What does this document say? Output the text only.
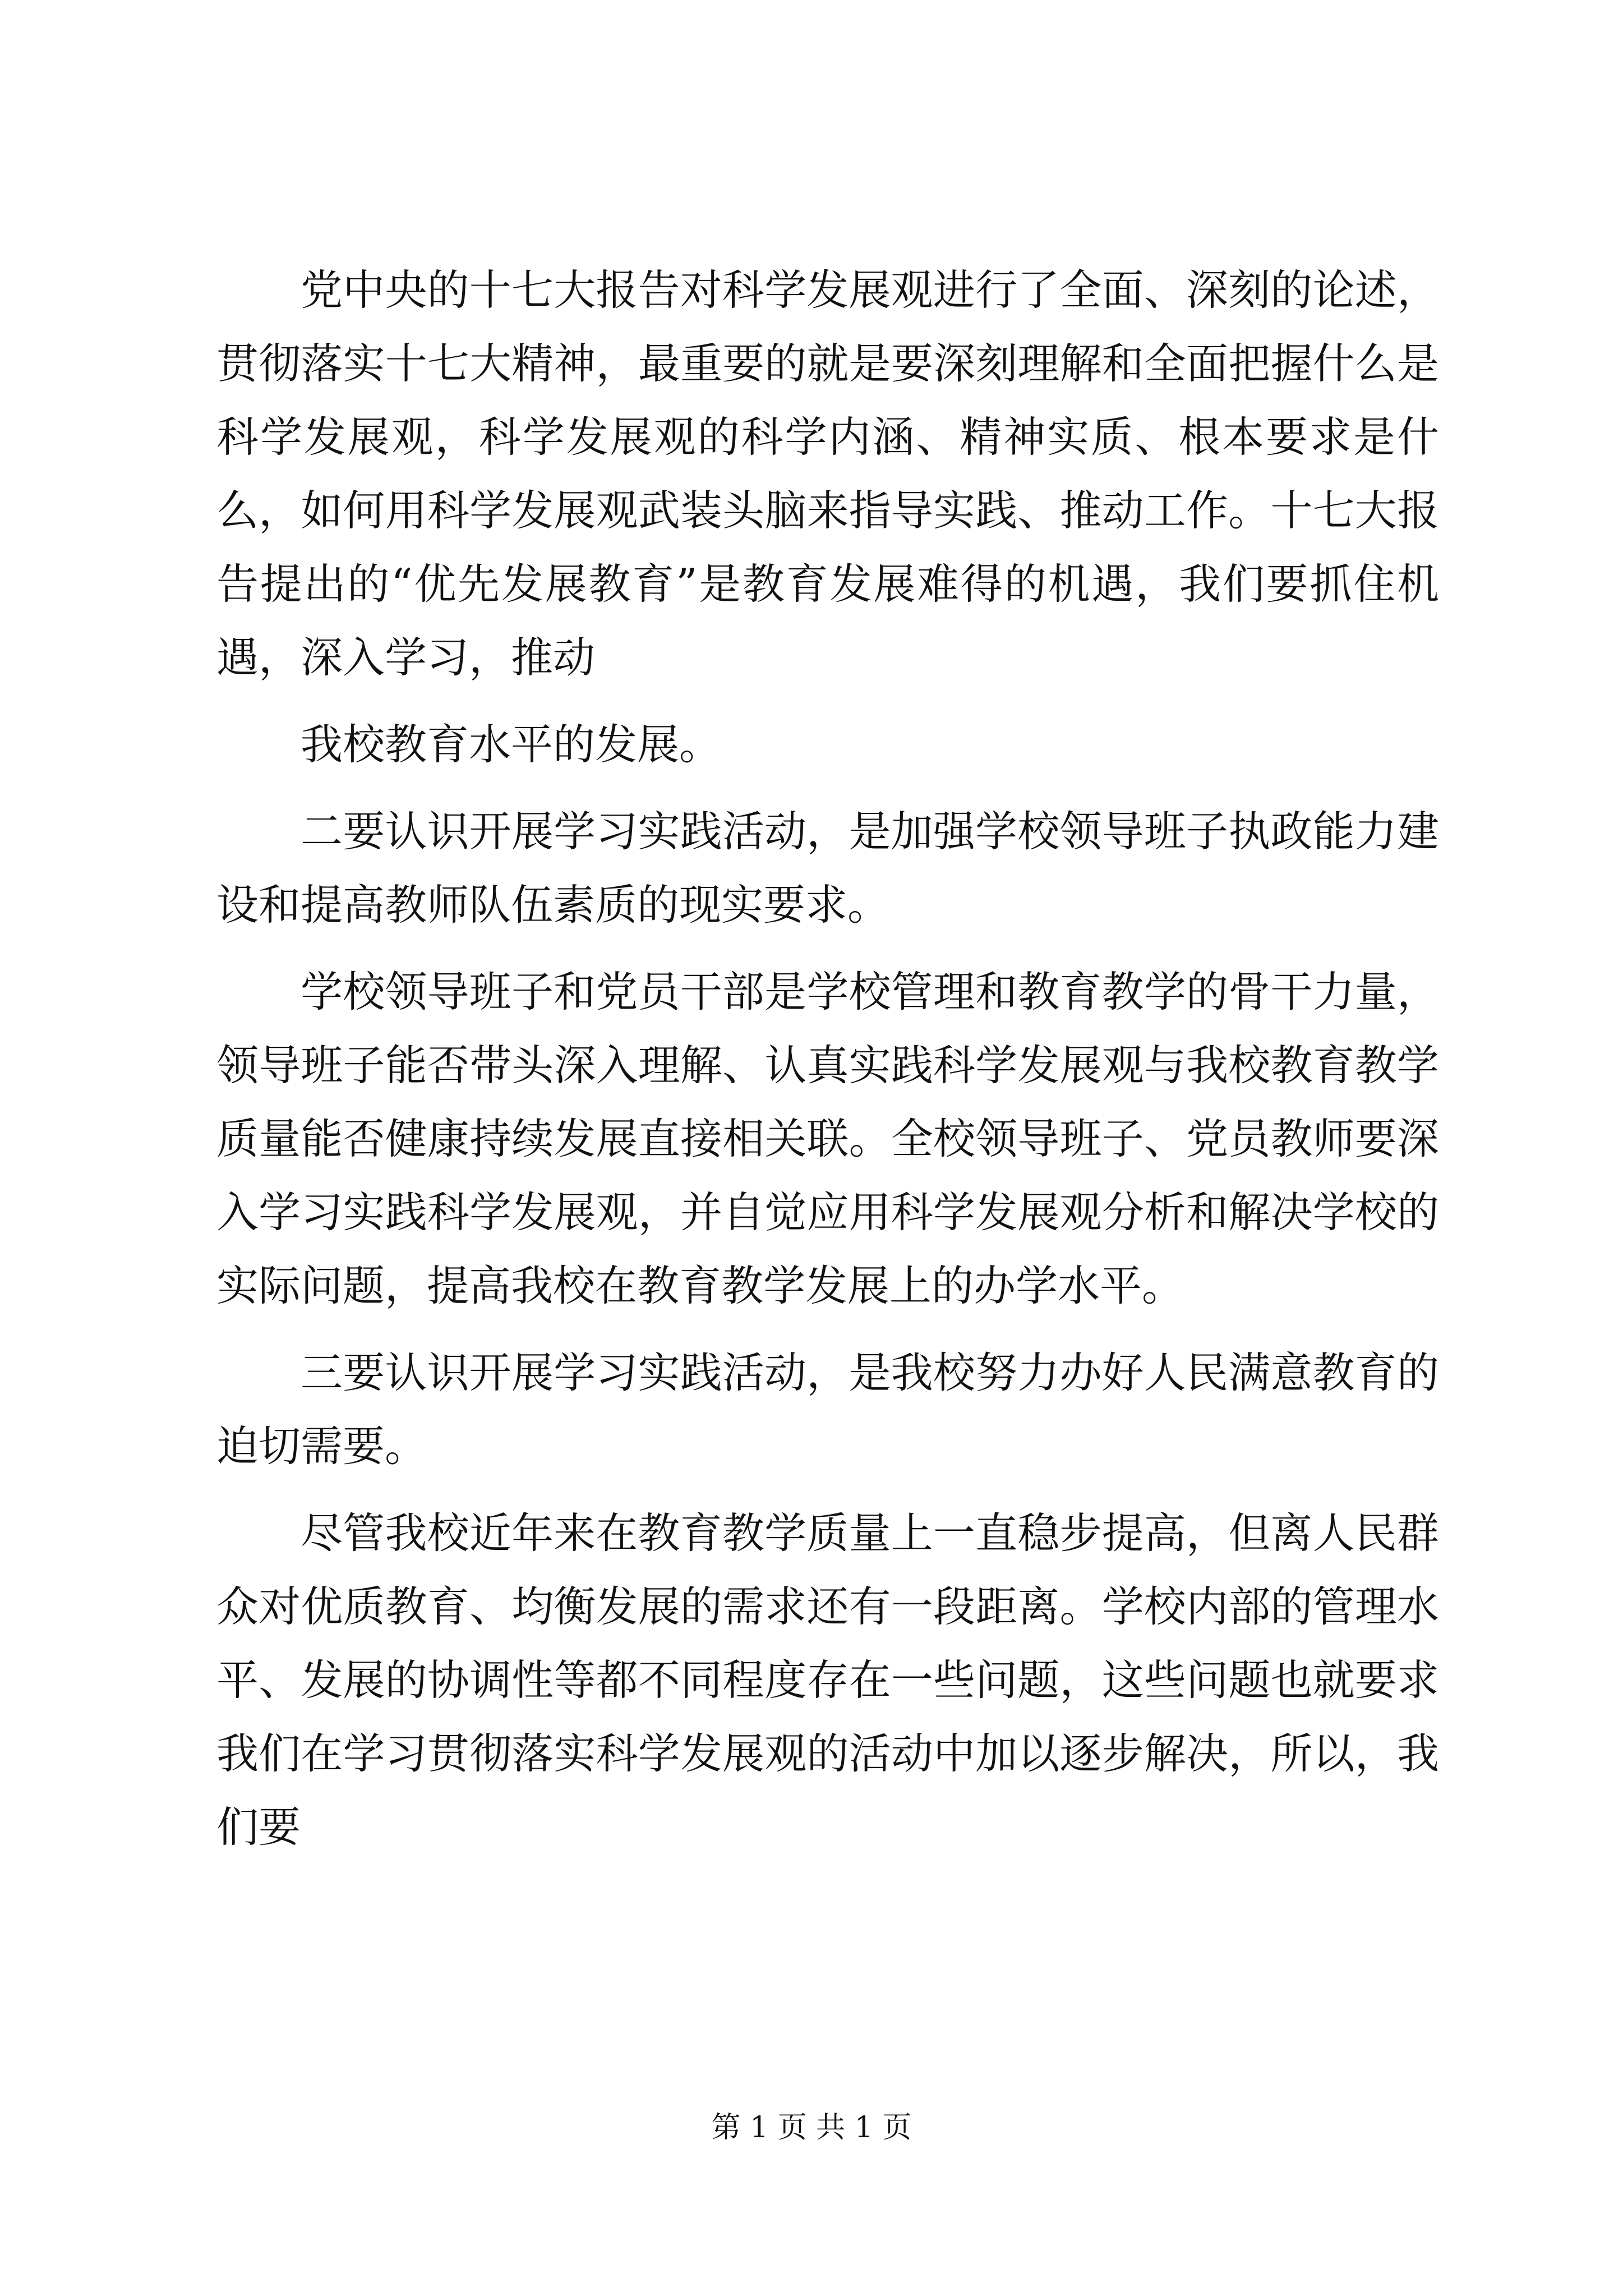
党中央的十七大报告对科学发展观进行了全面、深刻的论述，贯彻落实十七大精神，最重要的就是要深刻理解和全面把握什么是科学发展观，科学发展观的科学内涵、精神实质、根本要求是什么，如何用科学发展观武装头脑来指导实践、推动工作。十七大报告提出的“优先发展教育”是教育发展难得的机遇，我们要抓住机遇，深入学习，推动

我校教育水平的发展。

二要认识开展学习实践活动，是加强学校领导班子执政能力建设和提高教师队伍素质的现实要求。

学校领导班子和党员干部是学校管理和教育教学的骨干力量，领导班子能否带头深入理解、认真实践科学发展观与我校教育教学质量能否健康持续发展直接相关联。全校领导班子、党员教师要深入学习实践科学发展观，并自觉应用科学发展观分析和解决学校的实际问题，提高我校在教育教学发展上的办学水平。

三要认识开展学习实践活动，是我校努力办好人民满意教育的迫切需要。

尽管我校近年来在教育教学质量上一直稳步提高，但离人民群众对优质教育、均衡发展的需求还有一段距离。学校内部的管理水平、发展的协调性等都不同程度存在一些问题，这些问题也就要求我们在学习贯彻落实科学发展观的活动中加以逐步解决，所以，我们要

第 1 页 共 1 页
